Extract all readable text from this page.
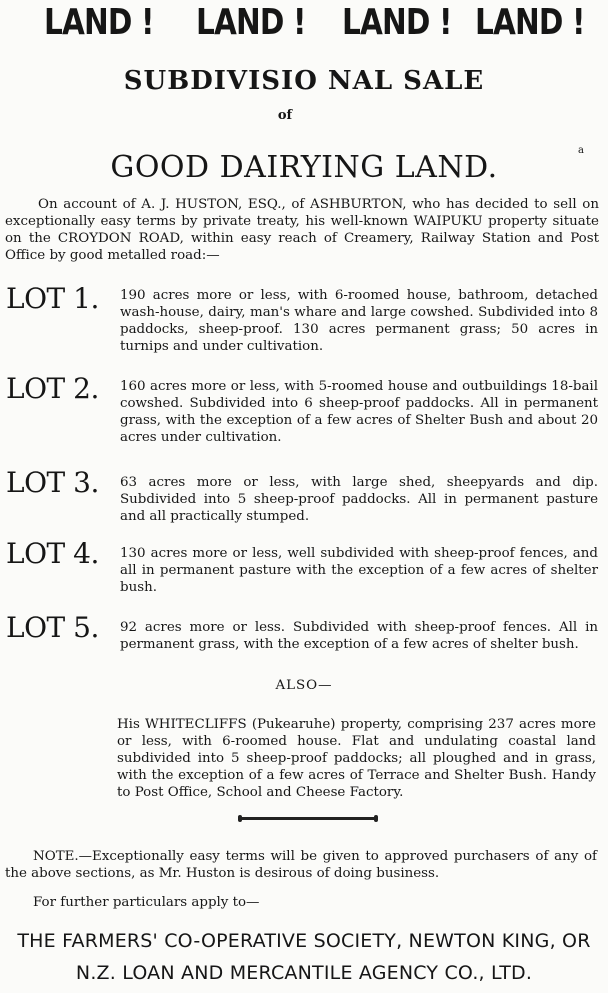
LAND ! LAND ! LAND ! LAND !
SUBDIVISIO NAL SALE
of
GOOD DAIRYING LAND.	a
On account of A. J. HUSTON, ESQ., of ASHBURTON, who has decided to sell on exceptionally easy terms by private treaty, his well-known WAIPUKU property situate on the CROYDON ROAD, within easy reach of Creamery, Railway Station and Post Office by good metalled road:—
LOT 1. 190 acres more or less, with 6-roomed house, bathroom, detached wash-house, dairy, man's whare and large cowshed. Subdivided into 8 paddocks, sheep-proof. 130 acres permanent grass; 50 acres in turnips and under cultivation.
LOT 2. 160 acres more or less, with 5-roomed house and outbuildings 18-bail cowshed. Subdivided into 6 sheep-proof paddocks. All in permanent grass, with the exception of a few acres of Shelter Bush and about 20 acres under cultivation.
LOT 3. 63 acres more or less, with large shed, sheepyards and dip. Subdivided into 5 sheep-proof paddocks. All in permanent pasture and all practically stumped.
LOT 4. 130 acres more or less, well subdivided with sheep-proof fences, and all in permanent pasture with the exception of a few acres of shelter bush.
LOT 5. 92 acres more or less. Subdivided with sheep-proof fences. All in permanent grass, with the exception of a few acres of shelter bush.
ALSO—
His WHITECLIFFS (Pukearuhe) property, comprising 237 acres more or less, with 6-roomed house. Flat and undulating coastal land subdivided into 5 sheep-proof paddocks; all ploughed and in grass, with the exception of a few acres of Terrace and Shelter Bush. Handy to Post Office, School and Cheese Factory.
NOTE.—Exceptionally easy terms will be given to approved purchasers of any of the above sections, as Mr. Huston is desirous of doing business.
For further particulars apply to—
THE FARMERS' CO-OPERATIVE SOCIETY, NEWTON KING, OR
N.Z. LOAN AND MERCANTILE AGENCY CO., LTD.
